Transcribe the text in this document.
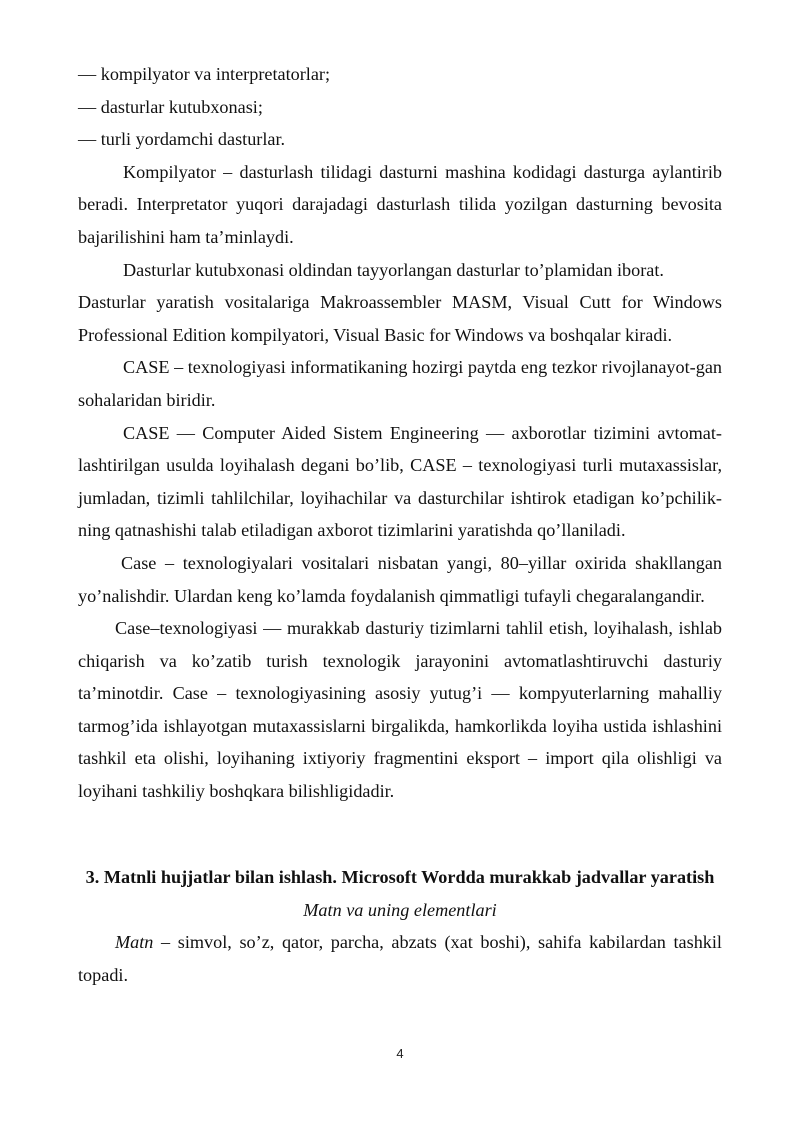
— kompilyator va interpretatorlar;

— dasturlar kutubxonasi;

— turli yordamchi dasturlar.

Kompilyator – dasturlash tilidagi dasturni mashina kodidagi dasturga aylantirib beradi. Interpretator yuqori darajadagi dasturlash tilida yozilgan dasturning bevosita bajarilishini ham ta’minlaydi.

Dasturlar kutubxonasi oldindan tayyorlangan dasturlar to’plamidan iborat.

Dasturlar yaratish vositalariga Makroassembler MASM, Visual Cutt for Windows Professional Edition kompilyatori, Visual Basic for Windows va boshqalar kiradi.

CASE – texnologiyasi informatikaning hozirgi paytda eng tezkor rivojlanayot-gan sohalaridan biridir.

CASE — Computer Aided Sistem Engineering — axborotlar tizimini avtomat-lashtirilgan usulda loyihalash degani bo’lib, CASE – texnologiyasi turli mutaxassislar, jumladan, tizimli tahlilchilar, loyihachilar va dasturchilar ishtirok etadigan ko’pchilik-ning qatnashishi talab etiladigan axborot tizimlarini yaratishda qo’llaniladi.

Case – texnologiyalari vositalari nisbatan yangi, 80–yillar oxirida shakllangan yo’nalishdir. Ulardan keng ko’lamda foydalanish qimmatligi tufayli chegaralangandir.

Case–texnologiyasi — murakkab dasturiy tizimlarni tahlil etish, loyihalash, ishlab chiqarish va ko’zatib turish texnologik jarayonini avtomatlashtiruvchi dasturiy ta’minotdir. Case – texnologiyasining asosiy yutug’i — kompyuterlarning mahalliy tarmog’ida ishlayotgan mutaxassislarni birgalikda, hamkorlikda loyiha ustida ishlashini tashkil eta olishi, loyihaning ixtiyoriy fragmentini eksport – import qila olishligi va loyihani tashkiliy boshqkara bilishligidadir.

3. Matnli hujjatlar bilan ishlash. Microsoft Wordda murakkab jadvallar yaratish

Matn va uning elementlari

Matn – simvol, so’z, qator, parcha, abzats (xat boshi), sahifa kabilardan tashkil topadi.

4
